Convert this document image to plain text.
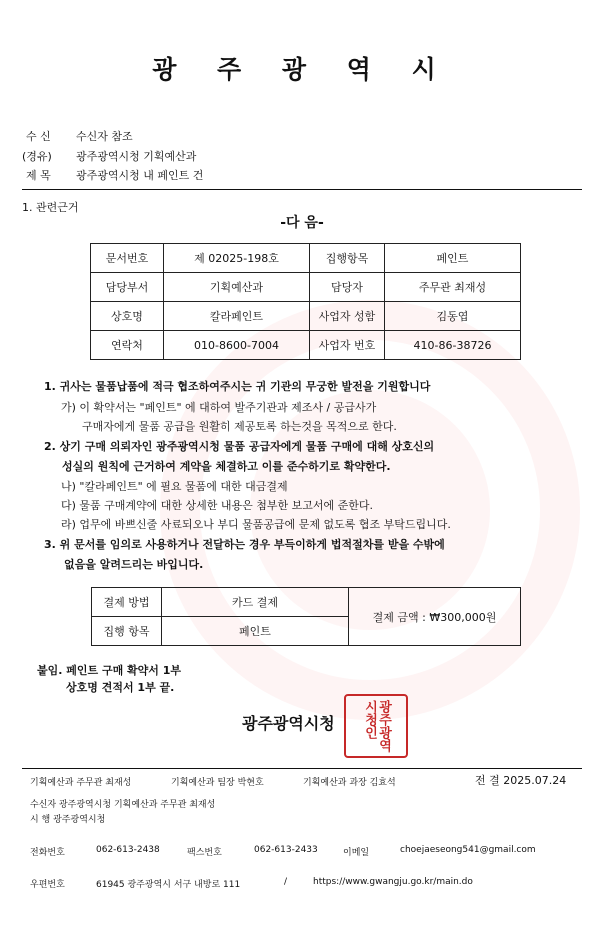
광 주 광 역 시
수 신 수신자 참조
(경유) 광주광역시청 기획예산과
제 목 광주광역시청 내 페인트 건
1. 관련근거
-다 음-
문서번호	제 02025-198호	집행항목	페인트
담당부서	기획예산과	담당자	주무관 최재성
상호명	칼라페인트	사업자 성함	김동엽
연락처	010-8600-7004	사업자 번호	410-86-38726
1. 귀사는 물품납품에 적극 협조하여주시는 귀 기관의 무궁한 발전을 기원합니다
가) 이 확약서는 "페인트" 에 대하여 발주기관과 제조사 / 공급사가
구매자에게 물품 공급을 원활히 제공토록 하는것을 목적으로 한다.
2. 상기 구매 의뢰자인 광주광역시청 물품 공급자에게 물품 구매에 대해 상호신의
성실의 원칙에 근거하여 계약을 체결하고 이를 준수하기로 확약한다.
나) "칼라페인트" 에 필요 물품에 대한 대금결제
다) 물품 구매계약에 대한 상세한 내용은 첨부한 보고서에 준한다.
라) 업무에 바쁘신줄 사료되오나 부디 물품공급에 문제 없도록 협조 부탁드립니다.
3. 위 문서를 임의로 사용하거나 전달하는 경우 부득이하게 법적절차를 받을 수밖에
없음을 알려드리는 바입니다.
결제 방법	카드 결제	결제 금액 : ₩300,000원
집행 항목	페인트	
붙임. 페인트 구매 확약서 1부
상호명 견적서 1부 끝.
광주광역시청	광주광역시청인
기획예산과 주무관 최재성	기획예산과 팀장 박현호	기획예산과 과장 김효석	전 결 2025.07.24
수신자 광주광역시청 기획예산과 주무관 최재성
시 행 광주광역시청
전화번호	062-613-2438	팩스번호	062-613-2433	이메일	choejaeseong541@gmail.com
우편번호	61945 광주광역시 서구 내방로 111	/	https://www.gwangju.go.kr/main.do
